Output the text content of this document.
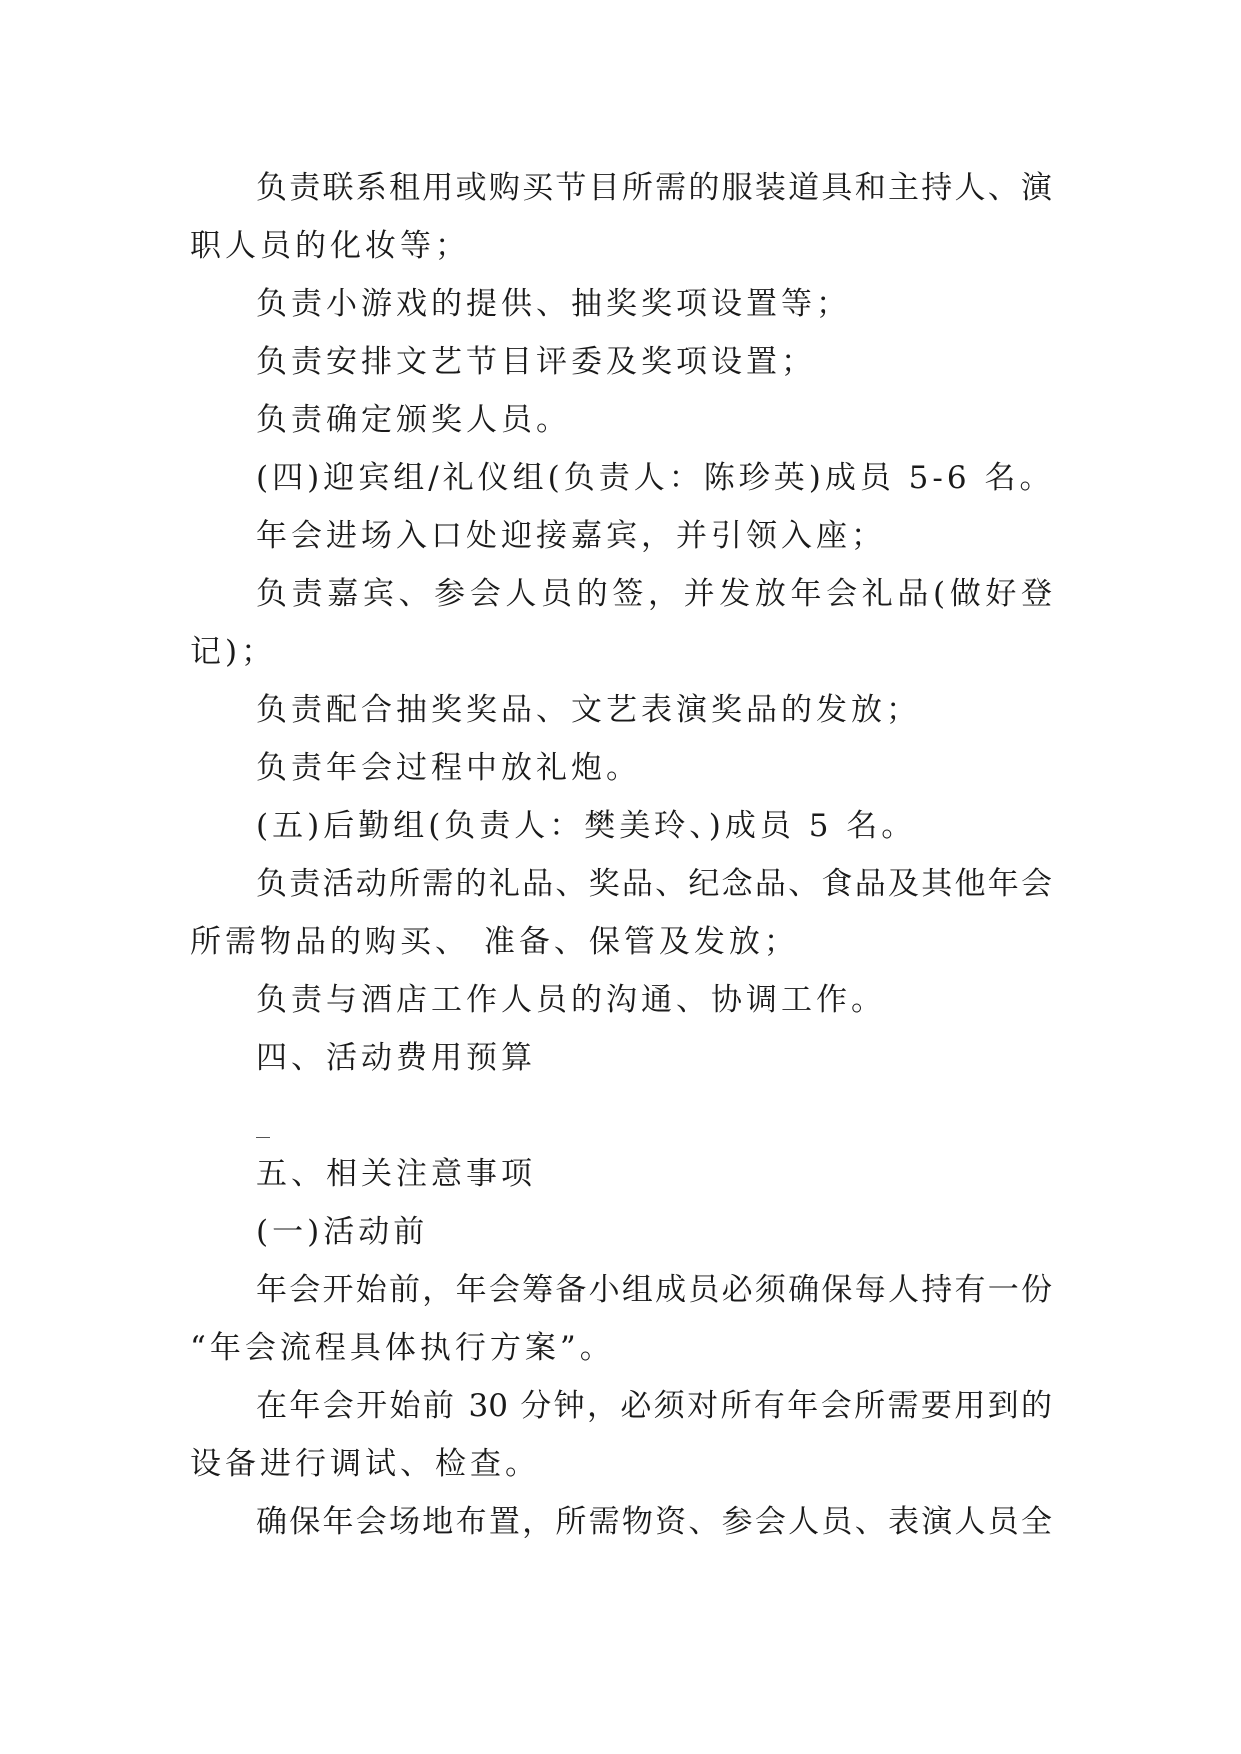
负责联系租用或购买节目所需的服装道具和主持人、演
职人员的化妆等；
负责小游戏的提供、抽奖奖项设置等；
负责安排文艺节目评委及奖项设置；
负责确定颁奖人员。
(四)迎宾组/礼仪组(负责人：陈珍英)成员 5-6 名。
年会进场入口处迎接嘉宾，并引领入座；
负责嘉宾、参会人员的签，并发放年会礼品(做好登
记)；
负责配合抽奖奖品、文艺表演奖品的发放；
负责年会过程中放礼炮。
(五)后勤组(负责人：樊美玲、)成员 5 名。
负责活动所需的礼品、奖品、纪念品、食品及其他年会
所需物品的购买、 准备、保管及发放；
负责与酒店工作人员的沟通、协调工作。
四、活动费用预算
五、相关注意事项
(一)活动前
年会开始前，年会筹备小组成员必须确保每人持有一份
“年会流程具体执行方案”。
在年会开始前 30 分钟，必须对所有年会所需要用到的
设备进行调试、检查。
确保年会场地布置，所需物资、参会人员、表演人员全
